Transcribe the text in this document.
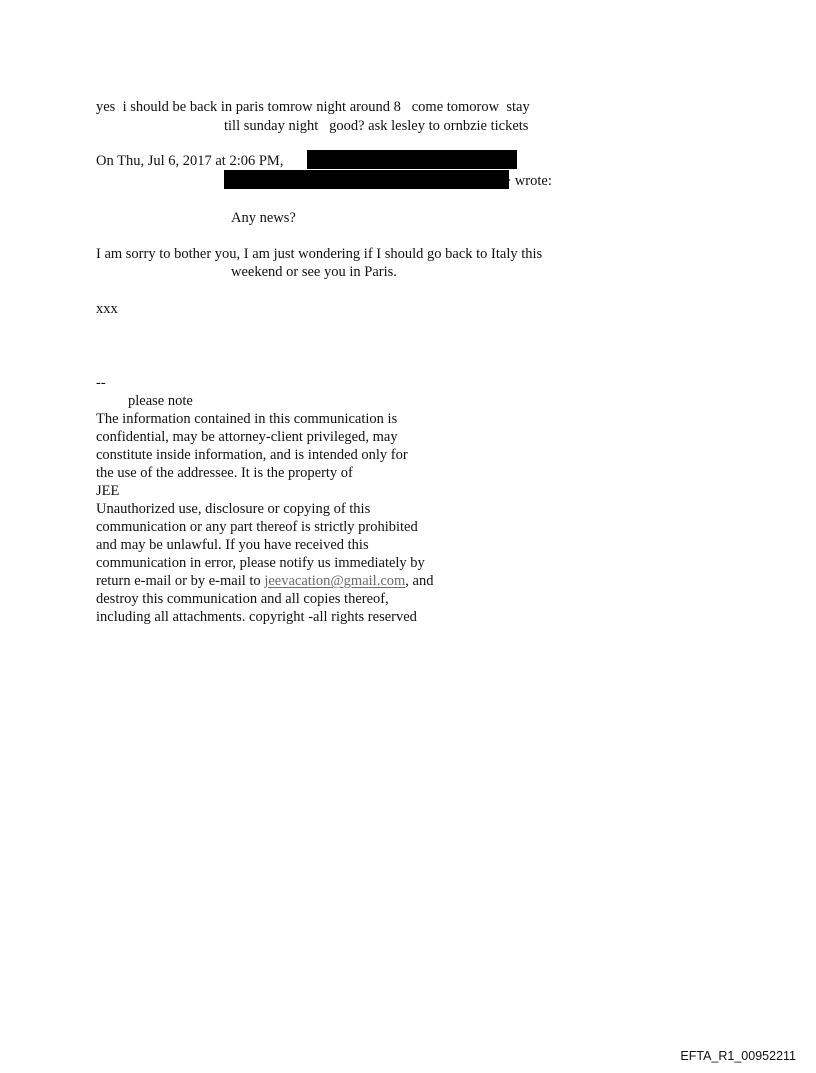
yes  i should be back in paris tomrow night around 8   come tomorow  stay
till sunday night   good? ask lesley to ornbzie tickets
On Thu, Jul 6, 2017 at 2:06 PM,
> wrote:
Any news?
I am sorry to bother you, I am just wondering if I should go back to Italy this
weekend or see you in Paris.
xxx
--
please note
The information contained in this communication is
confidential, may be attorney-client privileged, may
constitute inside information, and is intended only for
the use of the addressee. It is the property of
JEE
Unauthorized use, disclosure or copying of this
communication or any part thereof is strictly prohibited
and may be unlawful. If you have received this
communication in error, please notify us immediately by
return e-mail or by e-mail to jeevacation@gmail.com, and
destroy this communication and all copies thereof,
including all attachments. copyright -all rights reserved
EFTA_R1_00952211
